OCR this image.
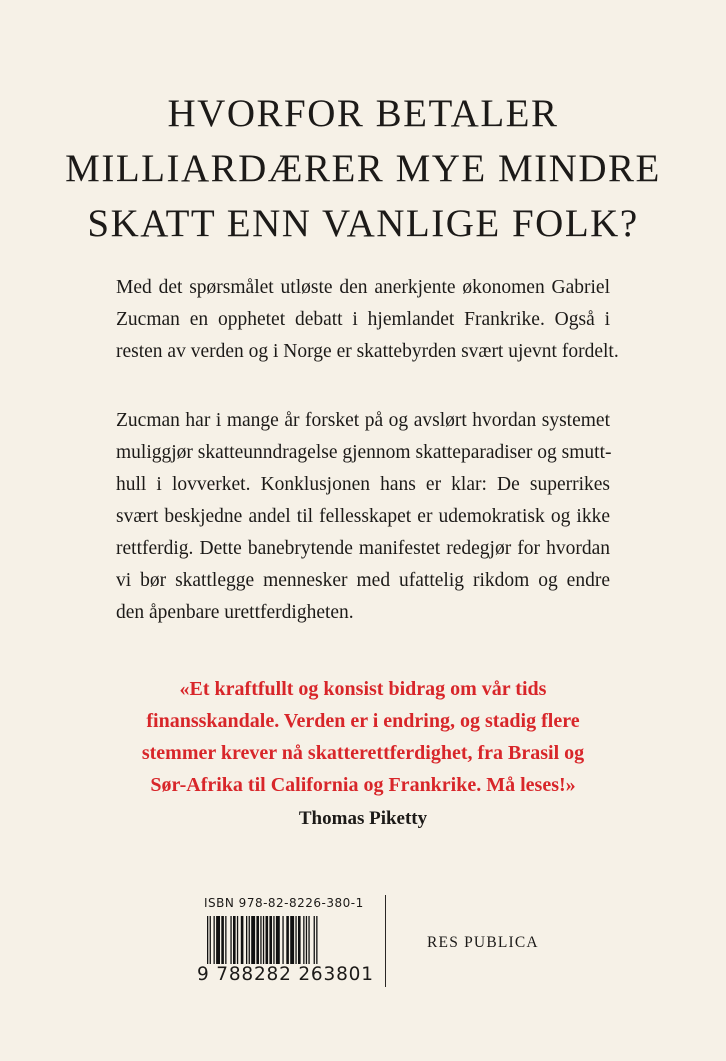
HVORFOR BETALER
MILLIARDÆRER MYE MINDRE
SKATT ENN VANLIGE FOLK?

Med det spørsmålet utløste den anerkjente økonomen Gabriel
Zucman en opphetet debatt i hjemlandet Frankrike. Også i
resten av verden og i Norge er skattebyrden svært ujevnt fordelt.

Zucman har i mange år forsket på og avslørt hvordan systemet
muliggjør skatteunndragelse gjennom skatteparadiser og smutt-
hull i lovverket. Konklusjonen hans er klar: De superrikes
svært beskjedne andel til fellesskapet er udemokratisk og ikke
rettferdig. Dette banebrytende manifestet redegjør for hvordan
vi bør skattlegge mennesker med ufattelig rikdom og endre
den åpenbare urettferdigheten.

«Et kraftfullt og konsist bidrag om vår tids
finansskandale. Verden er i endring, og stadig flere
stemmer krever nå skatterettferdighet, fra Brasil og
Sør-Afrika til California og Frankrike. Må leses!»

Thomas Piketty

ISBN 978-82-8226-380-1
9 788282 263801
RES PUBLICA
